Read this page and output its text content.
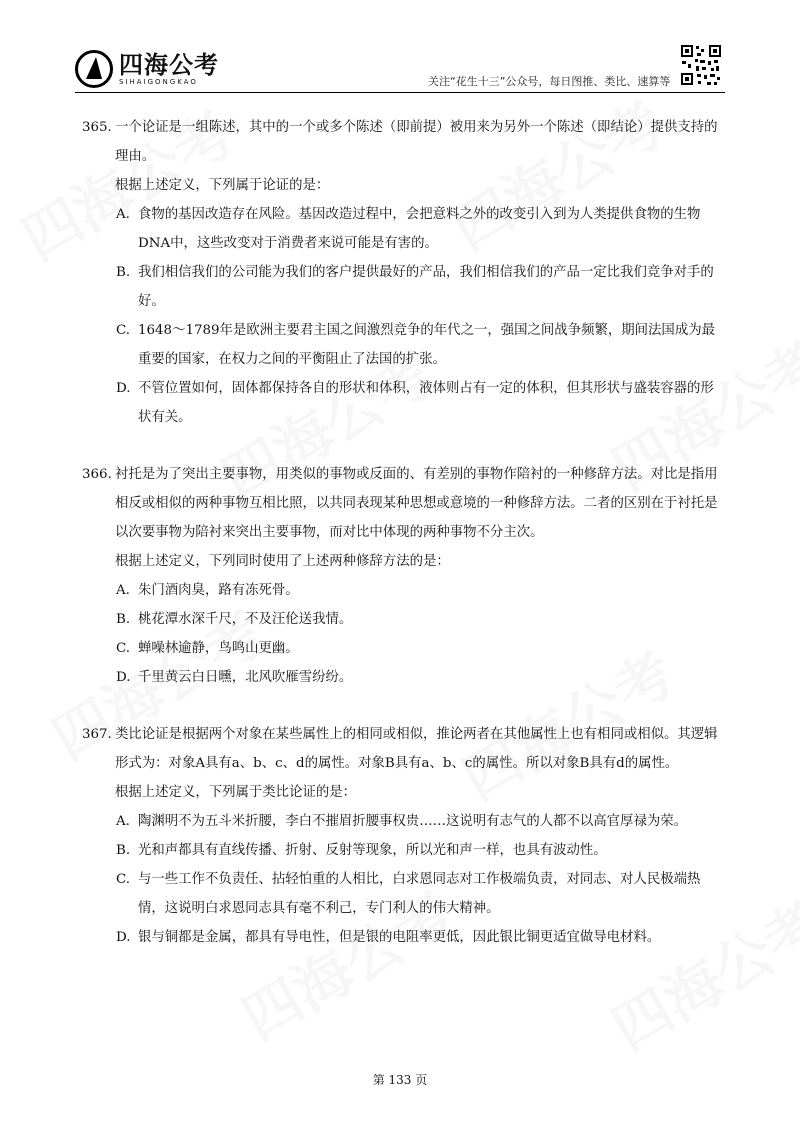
四海公考
SIHAIGONGKAO	关注“花生十三”公众号，每日图推、类比、速算等

365. 一个论证是一组陈述，其中的一个或多个陈述（即前提）被用来为另外一个陈述（即结论）提供支持的理由。

根据上述定义，下列属于论证的是：

A. 食物的基因改造存在风险。基因改造过程中，会把意料之外的改变引入到为人类提供食物的生物DNA中，这些改变对于消费者来说可能是有害的。

B. 我们相信我们的公司能为我们的客户提供最好的产品，我们相信我们的产品一定比我们竞争对手的好。

C. 1648～1789年是欧洲主要君主国之间激烈竞争的年代之一，强国之间战争频繁，期间法国成为最重要的国家，在权力之间的平衡阻止了法国的扩张。

D. 不管位置如何，固体都保持各自的形状和体积，液体则占有一定的体积，但其形状与盛装容器的形状有关。

366. 衬托是为了突出主要事物，用类似的事物或反面的、有差别的事物作陪衬的一种修辞方法。对比是指用相反或相似的两种事物互相比照，以共同表现某种思想或意境的一种修辞方法。二者的区别在于衬托是以次要事物为陪衬来突出主要事物，而对比中体现的两种事物不分主次。

根据上述定义，下列同时使用了上述两种修辞方法的是：

A. 朱门酒肉臭，路有冻死骨。

B. 桃花潭水深千尺，不及汪伦送我情。

C. 蝉噪林逾静，鸟鸣山更幽。

D. 千里黄云白日曛，北风吹雁雪纷纷。

367. 类比论证是根据两个对象在某些属性上的相同或相似，推论两者在其他属性上也有相同或相似。其逻辑形式为：对象A具有a、b、c、d的属性。对象B具有a、b、c的属性。所以对象B具有d的属性。

根据上述定义，下列属于类比论证的是：

A. 陶渊明不为五斗米折腰，李白不摧眉折腰事权贵……这说明有志气的人都不以高官厚禄为荣。

B. 光和声都具有直线传播、折射、反射等现象，所以光和声一样，也具有波动性。

C. 与一些工作不负责任、拈轻怕重的人相比，白求恩同志对工作极端负责，对同志、对人民极端热情，这说明白求恩同志具有毫不利己，专门利人的伟大精神。

D. 银与铜都是金属，都具有导电性，但是银的电阻率更低，因此银比铜更适宜做导电材料。

第 133 页
